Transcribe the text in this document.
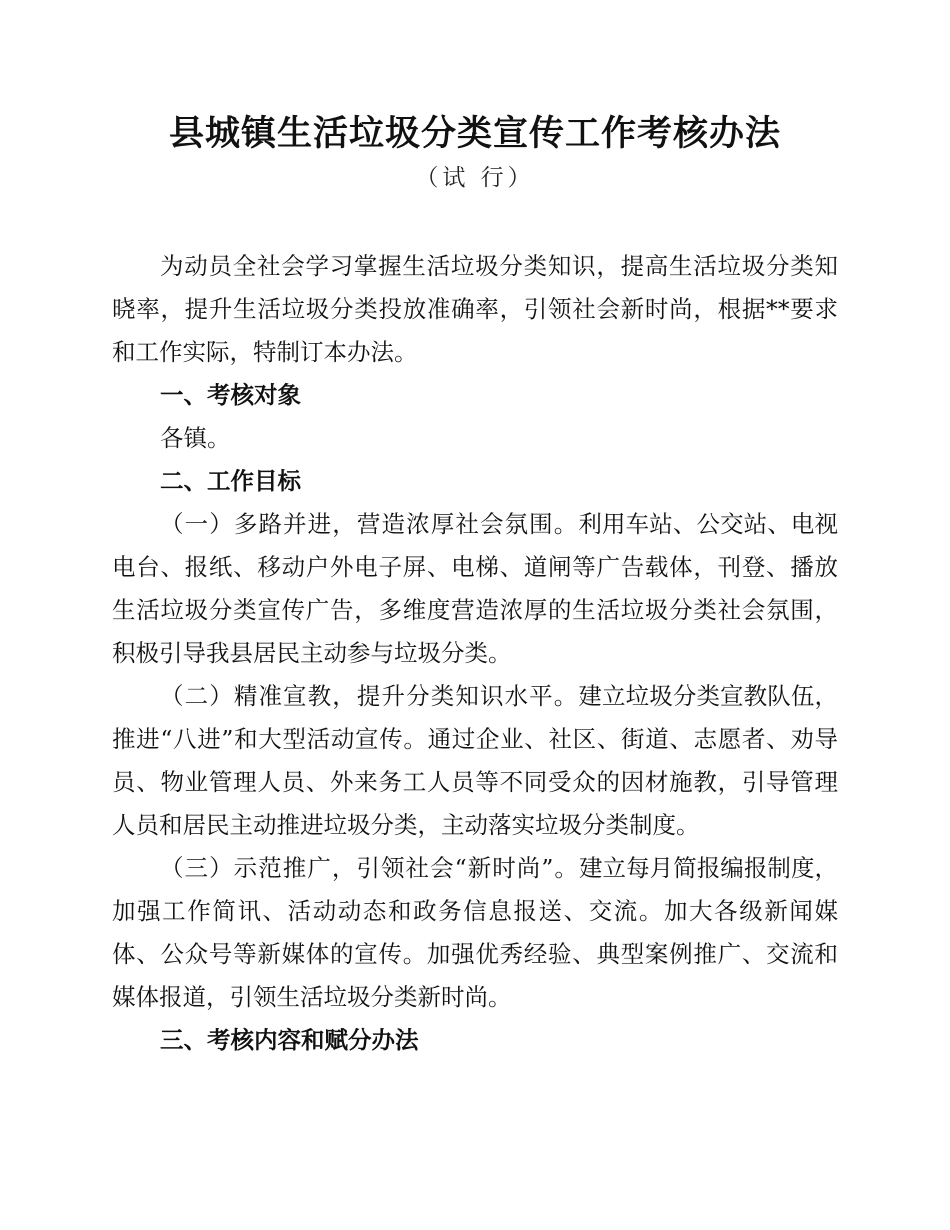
县城镇生活垃圾分类宣传工作考核办法
（试 行）

为动员全社会学习掌握生活垃圾分类知识，提高生活垃圾分类知晓率，提升生活垃圾分类投放准确率，引领社会新时尚，根据**要求和工作实际，特制订本办法。

一、考核对象

各镇。

二、工作目标

（一）多路并进，营造浓厚社会氛围。利用车站、公交站、电视电台、报纸、移动户外电子屏、电梯、道闸等广告载体，刊登、播放生活垃圾分类宣传广告，多维度营造浓厚的生活垃圾分类社会氛围，积极引导我县居民主动参与垃圾分类。

（二）精准宣教，提升分类知识水平。建立垃圾分类宣教队伍，推进“八进”和大型活动宣传。通过企业、社区、街道、志愿者、劝导员、物业管理人员、外来务工人员等不同受众的因材施教，引导管理人员和居民主动推进垃圾分类，主动落实垃圾分类制度。

（三）示范推广，引领社会“新时尚”。建立每月简报编报制度，加强工作简讯、活动动态和政务信息报送、交流。加大各级新闻媒体、公众号等新媒体的宣传。加强优秀经验、典型案例推广、交流和媒体报道，引领生活垃圾分类新时尚。

三、考核内容和赋分办法
